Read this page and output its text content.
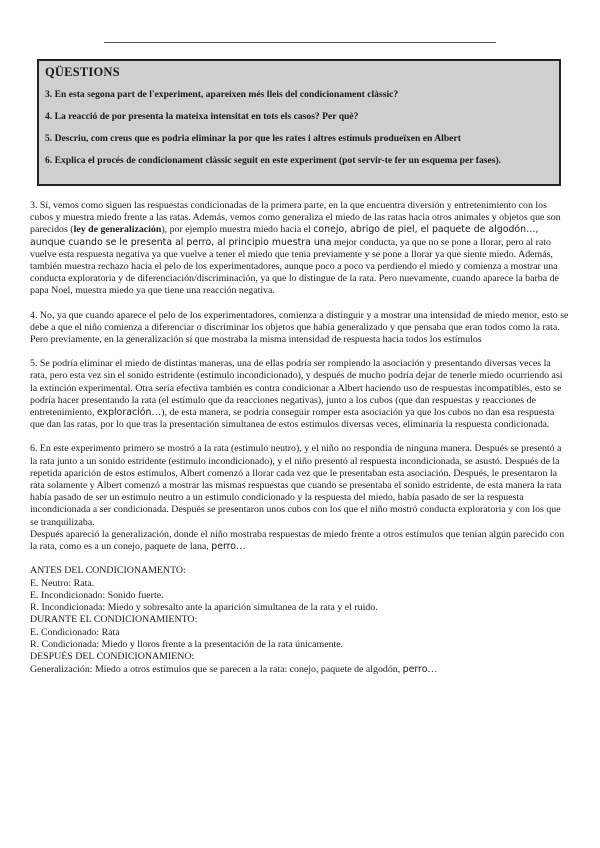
QÜESTIONS
3. En esta segona part de l'experiment, apareixen més lleis del condicionament clàssic?
4. La reacció de por presenta la mateixa intensitat en tots els casos? Per què?
5. Descriu, com creus que es podria eliminar la por que les rates i altres estímuls produeïxen en Albert
6. Explica el procés de condicionament clàssic seguit en este experiment (pot servir-te fer un esquema per fases).

3. Sí, vemos como siguen las respuestas condicionadas de la primera parte, en la que encuentra diversión y entretenimiento con los cubos y muestra miedo frente a las ratas. Además, vemos como generaliza el miedo de las ratas hacia otros animales y objetos que son parecidos (ley de generalización), por ejemplo muestra miedo hacia el conejo, abrigo de piel, el paquete de algodón…, aunque cuando se le presenta al perro, al principio muestra una mejor conducta, ya que no se pone a llorar, pero al rato vuelve esta respuesta negativa ya que vuelve a tener el miedo que tenia previamente y se pone a llorar ya que siente miedo. Además, también muestra rechazo hacia el pelo de los experimentadores, aunque poco a poco va perdiendo el miedo y comienza a mostrar una conducta exploratoria y de diferenciación/discriminación, ya que lo distingue de la rata. Pero nuevamente, cuando aparece la barba de papa Noel, muestra miedo ya que tiene una reacción negativa.

4. No, ya que cuando aparece el pelo de los experimentadores, comienza a distinguir y a mostrar una intensidad de miedo menor, esto se debe a que el niño comienza a diferenciar o discriminar los objetos que había generalizado y que pensaba que eran todos como la rata. Pero previamente, en la generalización sí que mostraba la misma intensidad de respuesta hacia todos los estímulos

5. Se podría eliminar el miedo de distintas maneras, una de ellas podría ser rompiendo la asociación y presentando diversas veces la rata, pero esta vez sin el sonido estridente (estimulo incondicionado), y después de mucho podría dejar de tenerle miedo ocurriendo así la extinción experimental. Otra sería efectiva también es contra condicionar a Albert haciendo uso de respuestas incompatibles, esto se podría hacer presentando la rata (el estímulo que da reacciones negativas), junto a los cubos (que dan respuestas y reacciones de entretenimiento, exploración…), de esta manera, se podría conseguir romper esta asociación ya que los cubos no dan esa respuesta que dan las ratas, por lo que tras la presentación simultanea de estos estímulos diversas veces, eliminaría la respuesta condicionada.

6. En este experimento primero se mostró a la rata (estimulo neutro), y el niño no respondía de ninguna manera. Después se presentó a la rata junto a un sonido estridente (estimulo incondicionado), y el niño presentó al respuesta incondicionada, se asustó. Después de la repetida aparición de estos estímulos, Albert comenzó a llorar cada vez que le presentaban esta asociación. Después, le presentaron la rata solamente y Albert comenzó a mostrar las mismas respuestas que cuando se presentaba el sonido estridente, de esta manera la rata había pasado de ser un estimulo neutro a un estimulo condicionado y la respuesta del miedo, había pasado de ser la respuesta incondicionada a ser condicionada. Después se presentaron unos cubos con los que el niño mostró conducta exploratoria y con los que se tranquilizaba.
Después apareció la generalización, donde el niño mostraba respuestas de miedo frente a otros estímulos que tenían algún parecido con la rata, como es a un conejo, paquete de lana, perro…

ANTES DEL CONDICIONAMENTO:
E. Neutro: Rata.
E. Incondicionado: Sonido fuerte.
R. Incondicionada: Miedo y sobresalto ante la aparición simultanea de la rata y el ruido.
DURANTE EL CONDICIONAMIENTO:
E. Condicionado: Rata
R. Condicionada: Miedo y lloros frente a la presentación de la rata únicamente.
DESPUÉS DEL CONDICIONAMIENO:
Generalización: Miedo a otros estímulos que se parecen a la rata: conejo, paquete de algodón, perro…
